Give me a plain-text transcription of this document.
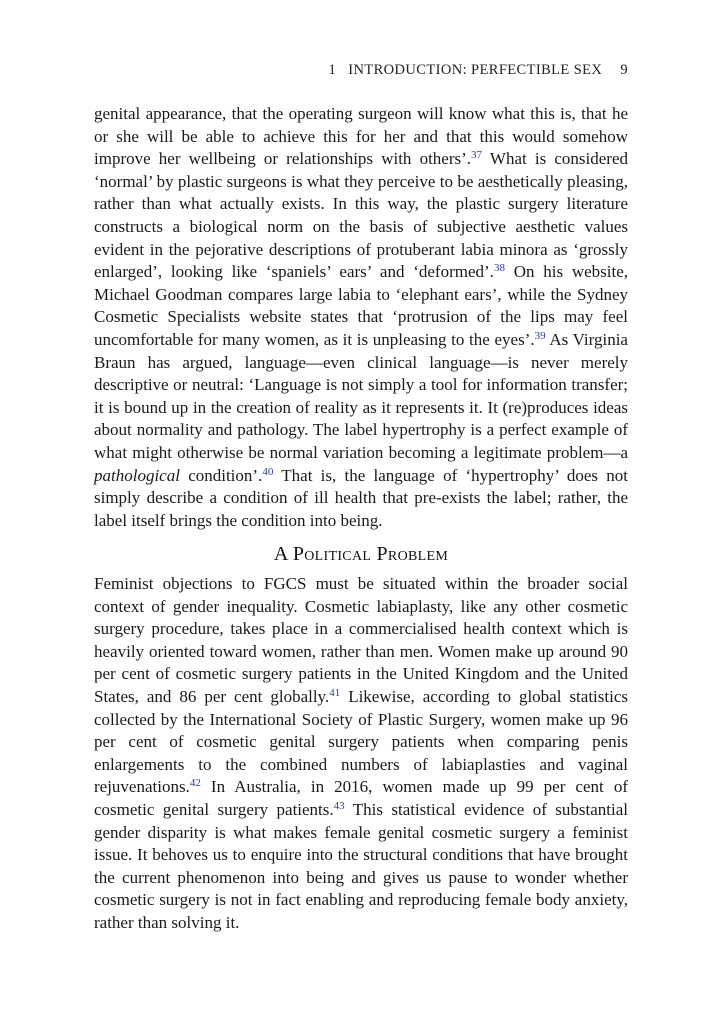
1 INTRODUCTION: PERFECTIBLE SEX 9

genital appearance, that the operating surgeon will know what this is, that he or she will be able to achieve this for her and that this would somehow improve her wellbeing or relationships with others’.$^{37}$ What is considered ‘normal’ by plastic surgeons is what they perceive to be aesthetically pleasing, rather than what actually exists. In this way, the plastic surgery literature constructs a biological norm on the basis of subjective aesthetic values evident in the pejorative descriptions of protuberant labia minora as ‘grossly enlarged’, looking like ‘spaniels’ ears’ and ‘deformed’.$^{38}$ On his website, Michael Goodman compares large labia to ‘elephant ears’, while the Sydney Cosmetic Specialists website states that ‘protrusion of the lips may feel uncomfortable for many women, as it is unpleasing to the eyes’.$^{39}$ As Virginia Braun has argued, language—even clinical language—is never merely descriptive or neutral: ‘Language is not simply a tool for information transfer; it is bound up in the creation of reality as it represents it. It (re)produces ideas about normality and pathology. The label hypertrophy is a perfect example of what might otherwise be normal variation becoming a legitimate problem—a pathological condition’.$^{40}$ That is, the language of ‘hypertrophy’ does not simply describe a condition of ill health that pre-exists the label; rather, the label itself brings the condition into being.

A Political Problem

Feminist objections to FGCS must be situated within the broader social context of gender inequality. Cosmetic labiaplasty, like any other cosmetic surgery procedure, takes place in a commercialised health context which is heavily oriented toward women, rather than men. Women make up around 90 per cent of cosmetic surgery patients in the United Kingdom and the United States, and 86 per cent globally.$^{41}$ Likewise, according to global statistics collected by the International Society of Plastic Surgery, women make up 96 per cent of cosmetic genital surgery patients when comparing penis enlargements to the combined numbers of labiaplasties and vaginal rejuvenations.$^{42}$ In Australia, in 2016, women made up 99 per cent of cosmetic genital surgery patients.$^{43}$ This statistical evidence of substantial gender disparity is what makes female genital cosmetic surgery a feminist issue. It behoves us to enquire into the structural conditions that have brought the current phenomenon into being and gives us pause to wonder whether cosmetic surgery is not in fact enabling and reproducing female body anxiety, rather than solving it.
